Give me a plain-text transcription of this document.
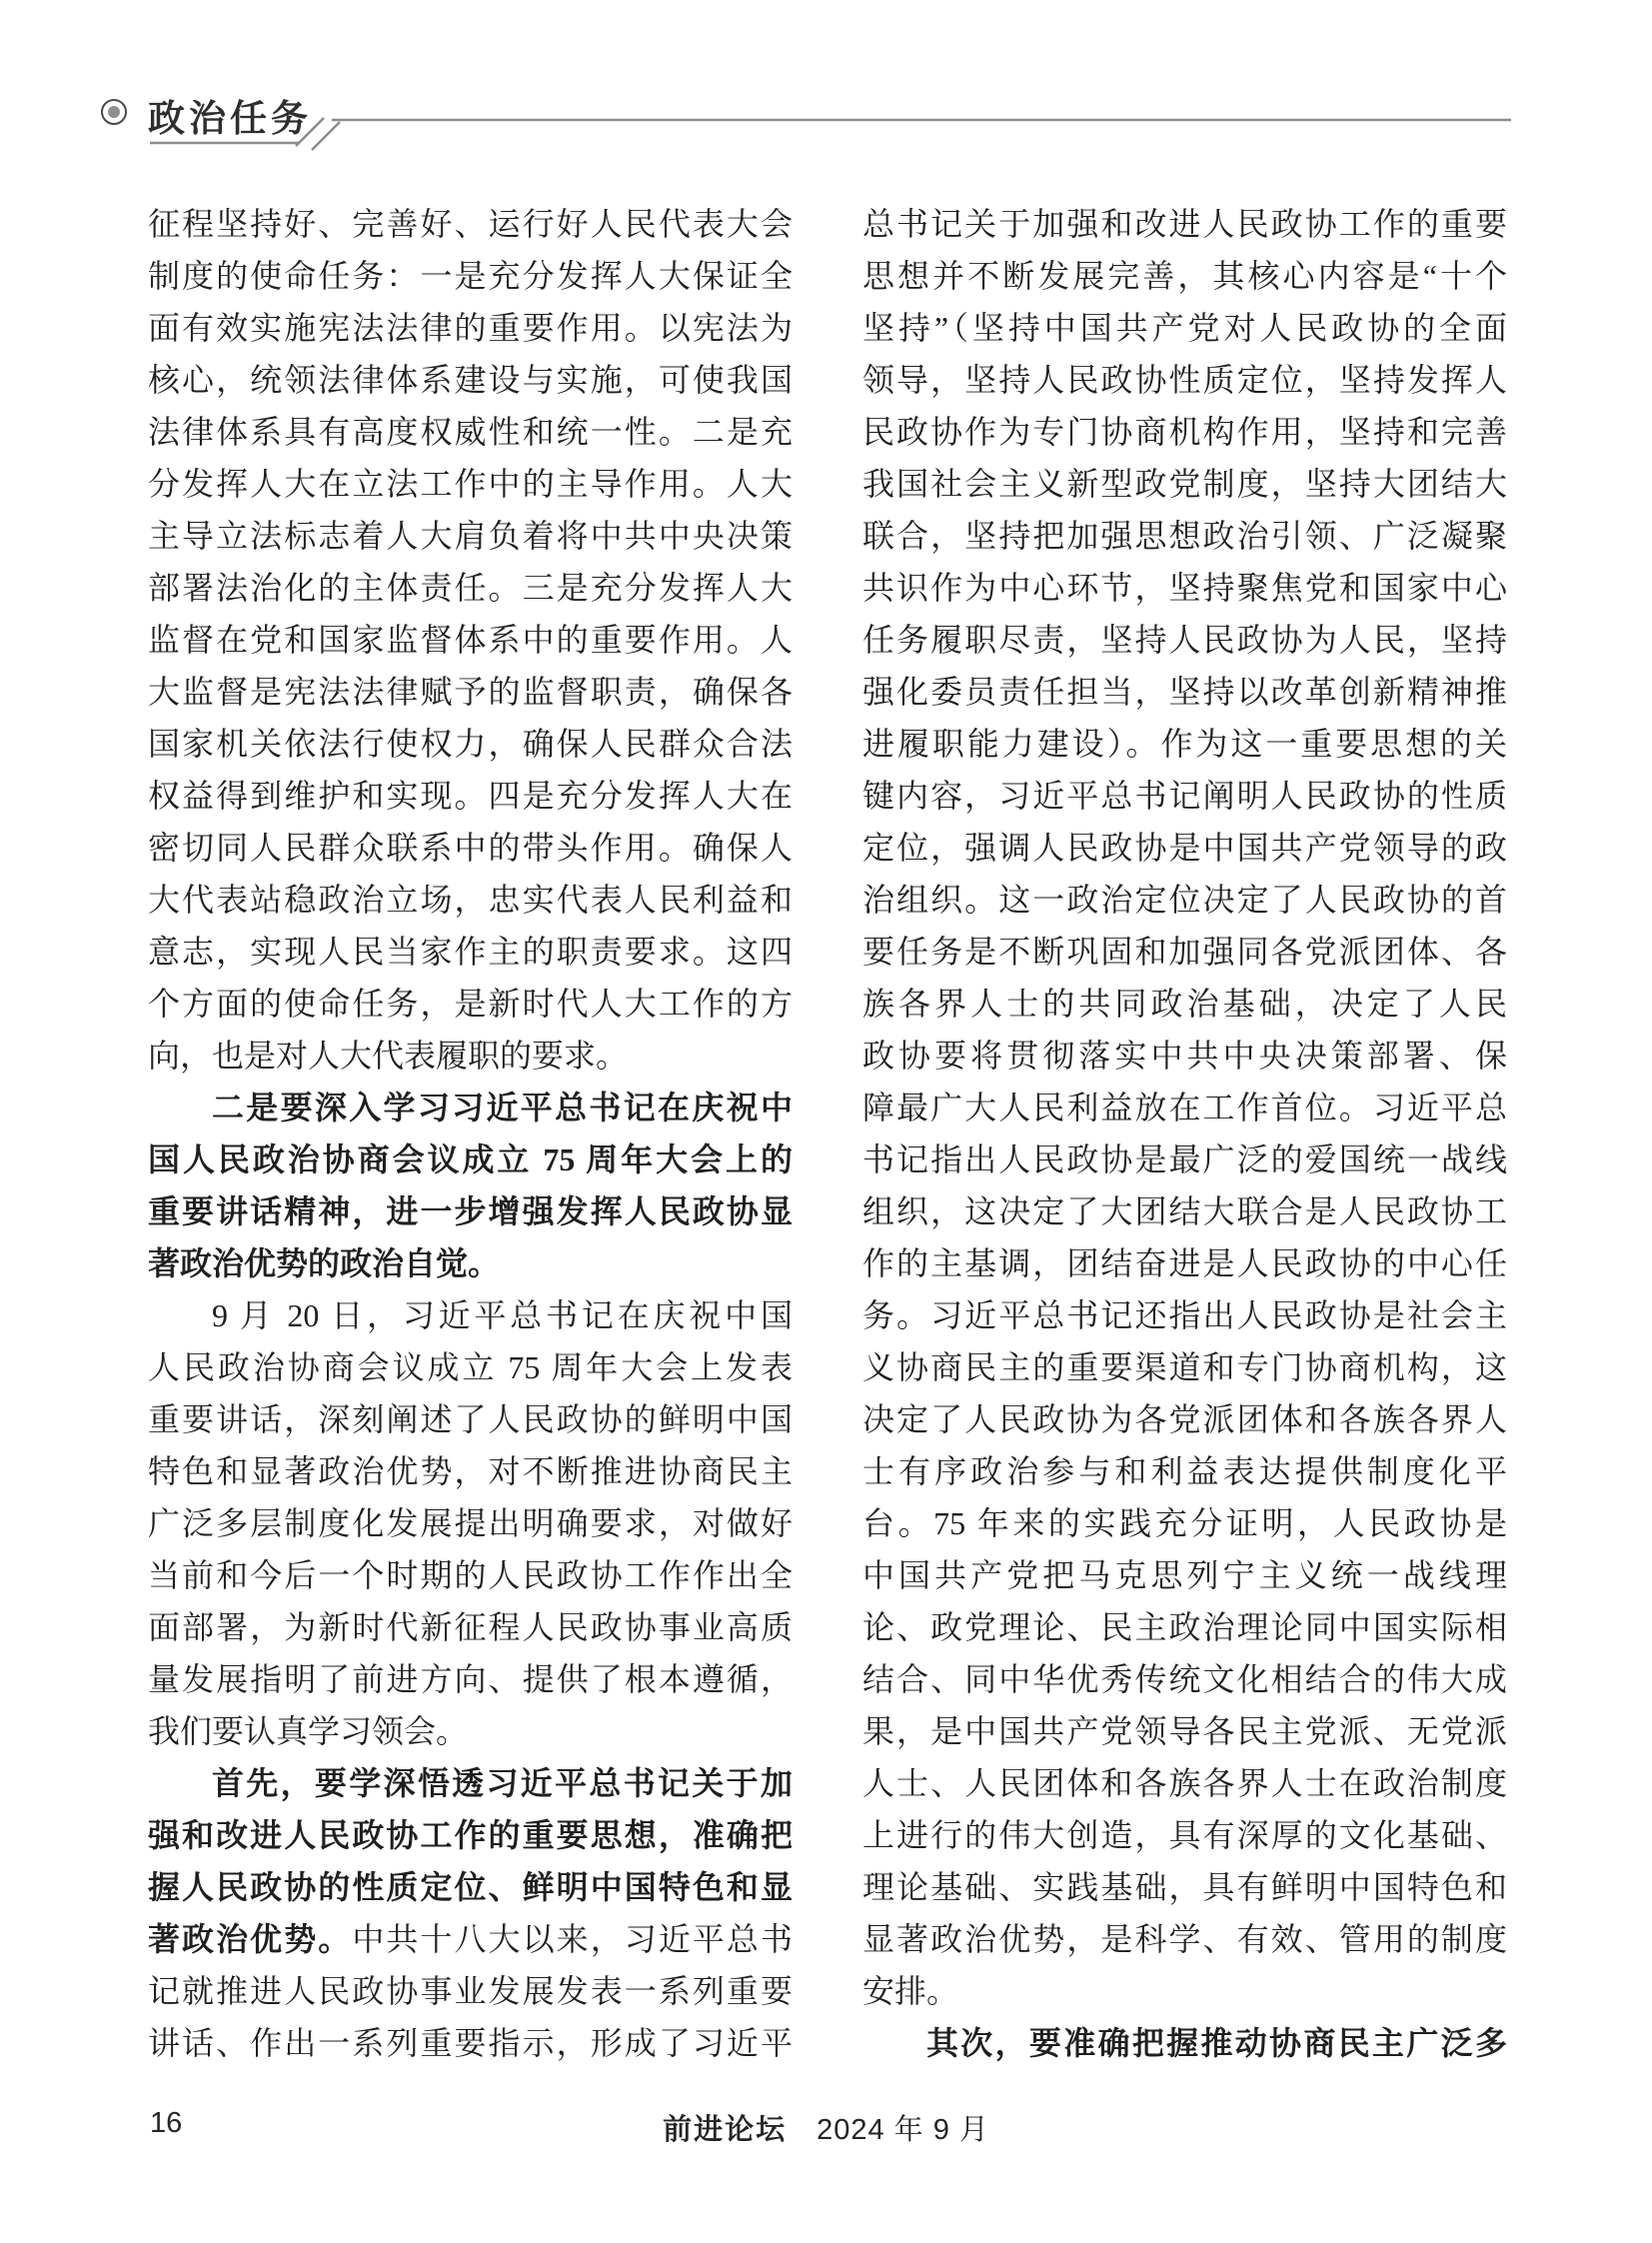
政治任务
征程坚持好、完善好、运行好人民代表大会
制度的使命任务：一是充分发挥人大保证全
面有效实施宪法法律的重要作用。以宪法为
核心，统领法律体系建设与实施，可使我国
法律体系具有高度权威性和统一性。二是充
分发挥人大在立法工作中的主导作用。人大
主导立法标志着人大肩负着将中共中央决策
部署法治化的主体责任。三是充分发挥人大
监督在党和国家监督体系中的重要作用。人
大监督是宪法法律赋予的监督职责，确保各
国家机关依法行使权力，确保人民群众合法
权益得到维护和实现。四是充分发挥人大在
密切同人民群众联系中的带头作用。确保人
大代表站稳政治立场，忠实代表人民利益和
意志，实现人民当家作主的职责要求。这四
个方面的使命任务，是新时代人大工作的方
向，也是对人大代表履职的要求。
二是要深入学习习近平总书记在庆祝中
国人民政治协商会议成立 75 周年大会上的
重要讲话精神，进一步增强发挥人民政协显
著政治优势的政治自觉。
9 月 20 日，习近平总书记在庆祝中国
人民政治协商会议成立 75 周年大会上发表
重要讲话，深刻阐述了人民政协的鲜明中国
特色和显著政治优势，对不断推进协商民主
广泛多层制度化发展提出明确要求，对做好
当前和今后一个时期的人民政协工作作出全
面部署，为新时代新征程人民政协事业高质
量发展指明了前进方向、提供了根本遵循，
我们要认真学习领会。
首先，要学深悟透习近平总书记关于加
强和改进人民政协工作的重要思想，准确把
握人民政协的性质定位、鲜明中国特色和显
著政治优势。中共十八大以来，习近平总书
记就推进人民政协事业发展发表一系列重要
讲话、作出一系列重要指示，形成了习近平
总书记关于加强和改进人民政协工作的重要
思想并不断发展完善，其核心内容是“十个
坚持”（坚持中国共产党对人民政协的全面
领导，坚持人民政协性质定位，坚持发挥人
民政协作为专门协商机构作用，坚持和完善
我国社会主义新型政党制度，坚持大团结大
联合，坚持把加强思想政治引领、广泛凝聚
共识作为中心环节，坚持聚焦党和国家中心
任务履职尽责，坚持人民政协为人民，坚持
强化委员责任担当，坚持以改革创新精神推
进履职能力建设）。作为这一重要思想的关
键内容，习近平总书记阐明人民政协的性质
定位，强调人民政协是中国共产党领导的政
治组织。这一政治定位决定了人民政协的首
要任务是不断巩固和加强同各党派团体、各
族各界人士的共同政治基础，决定了人民
政协要将贯彻落实中共中央决策部署、保
障最广大人民利益放在工作首位。习近平总
书记指出人民政协是最广泛的爱国统一战线
组织，这决定了大团结大联合是人民政协工
作的主基调，团结奋进是人民政协的中心任
务。习近平总书记还指出人民政协是社会主
义协商民主的重要渠道和专门协商机构，这
决定了人民政协为各党派团体和各族各界人
士有序政治参与和利益表达提供制度化平
台。75 年来的实践充分证明，人民政协是
中国共产党把马克思列宁主义统一战线理
论、政党理论、民主政治理论同中国实际相
结合、同中华优秀传统文化相结合的伟大成
果，是中国共产党领导各民主党派、无党派
人士、人民团体和各族各界人士在政治制度
上进行的伟大创造，具有深厚的文化基础、
理论基础、实践基础，具有鲜明中国特色和
显著政治优势，是科学、有效、管用的制度
安排。
其次，要准确把握推动协商民主广泛多
16	前进论坛 2024 年 9 月
